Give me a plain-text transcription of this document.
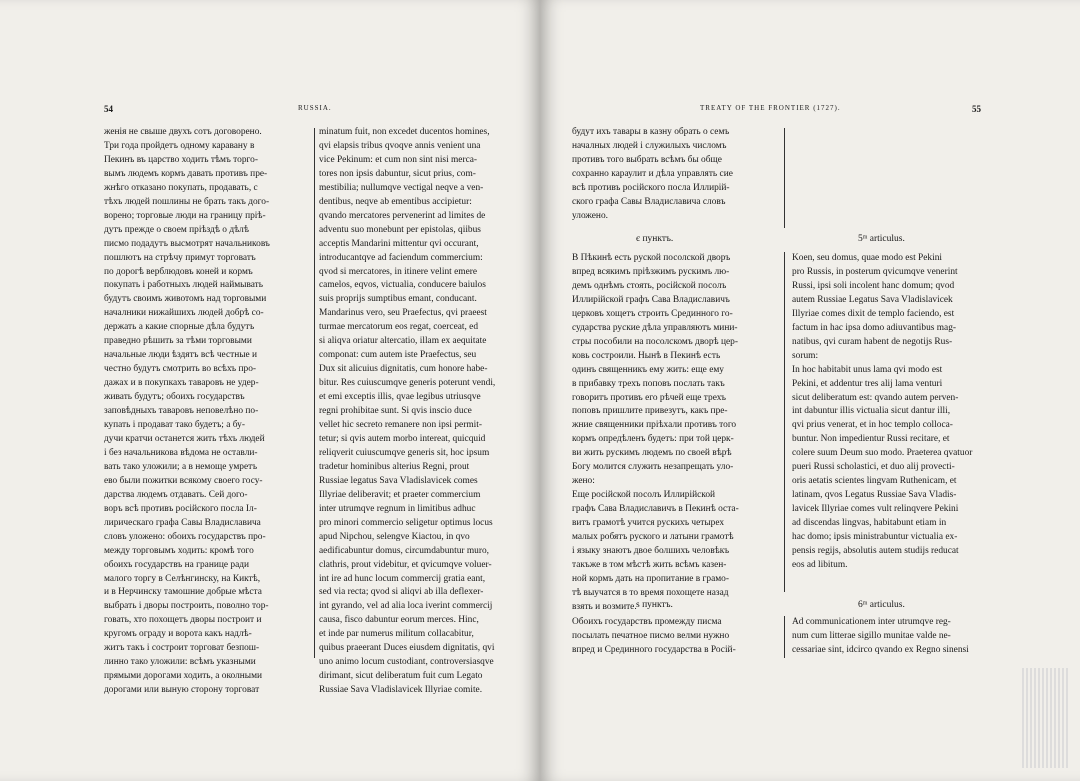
54	RUSSIA.
женія не свыше двухъ сотъ договорено.
Три года пройдетъ одному каравану в
Пекинъ въ царство ходить тѣмъ торго-
вымъ людемъ кормъ давать противъ пре-
жнѣго отказано покупать, продавать, с
тѣхъ людей пошлины не брать такъ дого-
ворено; торговые люди на границу пріѣ-
дутъ прежде о своем пріѣздѣ о дѣлѣ
писмо подадутъ высмотрят начальниковъ
пошлютъ на стрѣчу примут торговатъ
по дорогѣ верблюдовъ коней и кормъ
покупать і работныхъ людей наймывать
будутъ своимъ животомъ над торговыми
началники нижайшихъ людей добрѣ со-
держать а какие спорные дѣла будутъ
праведно рѣшить за тѣми торговыми
начальные люди ѣздятъ всѣ честные и
честно будутъ смотрить во всѣхъ про-
дажах и в покупкахъ таваровъ не удер-
живать будутъ; обоихъ государствъ
заповѣдныхъ таваровъ неповелѣно по-
купать і продават тако будетъ; а бу-
дучи кратчи останется жить тѣхъ людей
і без начальникова вѣдома не оставли-
вать тако уложили; а в немоще умретъ
ево были пожитки всякому своего госу-
дарства людемъ отдавать. Сей дого-
воръ всѣ противъ російского посла Іл-
лирическаго графа Савы Владиславича
словъ уложено: обоихъ государствъ про-
между торговымъ ходить: кромѣ того
обоихъ государствъ на границе ради
малого торгу в Селѣнгинску, на Киктѣ,
и в Нерчинску тамошние добрые мѣста
выбрать і дворы построить, поволно тор-
говать, хто похощетъ дворы построит и
кругомъ ограду и ворота какъ надлѣ-
житъ такъ і состроит торговат безпош-
линно тако уложили: всѣмъ указными
прямыми дорогами ходить, а околными
дорогами или выную сторону торговат
minatum fuit, non excedet ducentos homines,
qvi elapsis tribus qvoqve annis venient una
vice Pekinum: et cum non sint nisi merca-
tores non ipsis dabuntur, sicut prius, com-
mestibilia; nullumqve vectigal neqve a ven-
dentibus, neqve ab ementibus accipietur:
qvando mercatores pervenerint ad limites de
adventu suo monebunt per epistolas, qiibus
acceptis Mandarini mittentur qvi occurant,
introducantqve ad faciendum commercium:
qvod si mercatores, in itinere velint emere
camelos, eqvos, victualia, conducere baiulos
suis proprijs sumptibus emant, conducant.
Mandarinus vero, seu Praefectus, qvi praeest
turmae mercatorum eos regat, coerceat, ed
si aliqva oriatur altercatio, illam ex aequitate
componat: cum autem iste Praefectus, seu
Dux sit alicuius dignitatis, cum honore habe-
bitur. Res cuiuscumqve generis poterunt vendi,
et emi exceptis illis, qvae legibus utriusqve
regni prohibitae sunt. Si qvis inscio duce
vellet hic secreto remanere non ipsi permit-
tetur; si qvis autem morbo intereat, quicquid
reliqverit cuiuscumqve generis sit, hoc ipsum
tradetur hominibus alterius Regni, prout
Russiae legatus Sava Vladislavicek comes
Illyriae deliberavit; et praeter commercium
inter utrumqve regnum in limitibus adhuc
pro minori commercio seligetur optimus locus
apud Nipchou, selengve Kiactou, in qvo
aedificabuntur domus, circumdabuntur muro,
clathris, prout videbitur, et qvicumqve voluer-
int ire ad hunc locum commercij gratia eant,
sed via recta; qvod si aliqvi ab illa deflexer-
int gyrando, vel ad alia loca iverint commercij
causa, fisco dabuntur eorum merces. Hinc,
et inde par numerus militum collacabitur,
quibus praeerant Duces eiusdem dignitatis, qvi
uno animo locum custodiant, controversiasqve
dirimant, sicut deliberatum fuit cum Legato
Russiae Sava Vladislavicek Illyriae comite.
TREATY OF THE FRONTIER (1727).	55
будут ихъ тавары в казну обрать о семъ
началных людей і служилыхъ числомъ
противъ того выбрать всѣмъ бы обще
сохранно караулит и дѣла управлять сие
всѣ противъ російского посла Иллирій-
ского графа Савы Владиславича словъ
уложено.
є пунктъ.	5ᵐ articulus.
В Пѣкинѣ есть руской посолской дворъ
впред всякимъ пріѣзжимъ рускимъ лю-
демъ однѣмъ стоять, російской посолъ
Иллирійской графъ Сава Владиславичъ
церковъ хощетъ строить Срединного го-
сударства руские дѣла управляютъ мини-
стры пособили на посолскомъ дворѣ цер-
ковь состроили. Нынѣ в Пекинѣ есть
одинъ священникъ ему жить: еще ему
в прибавку трехъ поповъ послать такъ
говоритъ противъ его рѣчей еще трехъ
поповъ пришлите привезутъ, какъ пре-
жние священники пріѣхали противъ того
кормъ опредѣленъ будетъ: при той церк-
ви жить рускимъ людемъ по своей вѣрѣ
Богу молится служить незапрещать уло-
жено:
Еще російской посолъ Иллирійской
графъ Сава Владиславичъ в Пекинѣ оста-
витъ грамотѣ учится рускихъ четырех
малых робятъ руского и латыни грамотѣ
і языку знаютъ двое болшихъ человѣкъ
такъже в том мѣстѣ жить всѣмъ казен-
ной кормъ дать на пропитание в грамо-
тѣ выучатся в то время похощете назад
взять и возмите.
Koen, seu domus, quae modo est Pekini
pro Russis, in posterum qvicumqve venerint
Russi, ipsi soli incolent hanc domum; qvod
autem Russiae Legatus Sava Vladislavicek
Illyriae comes dixit de templo faciendo, est
factum in hac ipsa domo adiuvantibus mag-
natibus, qvi curam habent de negotijs Rus-
sorum:
In hoc habitabit unus lama qvi modo est
Pekini, et addentur tres alij lama venturi
sicut deliberatum est: qvando autem perven-
int dabuntur illis victualia sicut dantur illi,
qvi prius venerat, et in hoc templo colloca-
buntur. Non impedientur Russi recitare, et
colere suum Deum suo modo. Praeterea qvatuor
pueri Russi scholastici, et duo alij provecti-
oris aetatis scientes lingvam Ruthenicam, et
latinam, qvos Legatus Russiae Sava Vladis-
lavicek Illyriae comes vult relinqvere Pekini
ad discendas lingvas, habitabunt etiam in
hac domo; ipsis ministrabuntur victualia ex-
pensis regijs, absolutis autem studijs reducat
eos ad libitum.
ѕ пунктъ.	6ᵐ articulus.
Обоихъ государствъ промежду писма
посылать печатное писмо велми нужно
впред и Срединного государства в Росій-
Ad communicationem inter utrumqve reg-
num cum litterae sigillo munitae valde ne-
cessariae sint, idcirco qvando ex Regno sinensi
